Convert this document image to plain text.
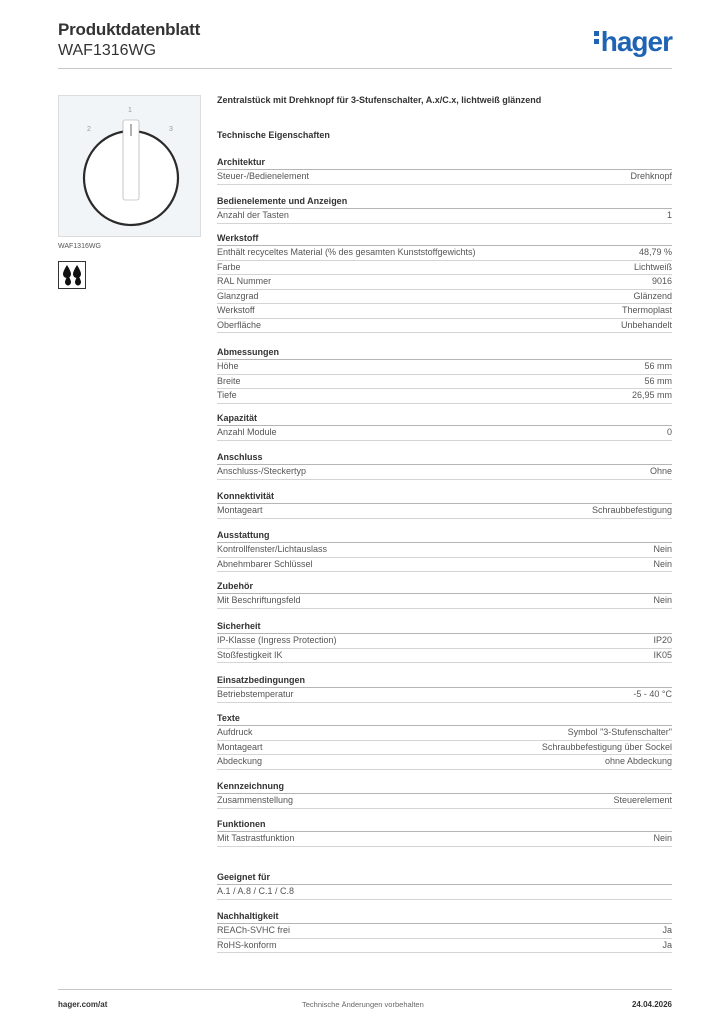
Produktdatenblatt
WAF1316WG	hager
1
2	3
WAF1316WG
Zentralstück mit Drehknopf für 3-Stufenschalter, A.x/C.x, lichtweiß glänzend
Technische Eigenschaften
Architektur
Steuer-/Bedienelement	Drehknopf
Bedienelemente und Anzeigen
Anzahl der Tasten	1
Werkstoff
Enthält recyceltes Material (% des gesamten Kunststoffgewichts)	48,79 %
Farbe	Lichtweiß
RAL Nummer	9016
Glanzgrad	Glänzend
Werkstoff	Thermoplast
Oberfläche	Unbehandelt
Abmessungen
Höhe	56 mm
Breite	56 mm
Tiefe	26,95 mm
Kapazität
Anzahl Module	0
Anschluss
Anschluss-/Steckertyp	Ohne
Konnektivität
Montageart	Schraubbefestigung
Ausstattung
Kontrollfenster/Lichtauslass	Nein
Abnehmbarer Schlüssel	Nein
Zubehör
Mit Beschriftungsfeld	Nein
Sicherheit
IP-Klasse (Ingress Protection)	IP20
Stoßfestigkeit IK	IK05
Einsatzbedingungen
Betriebstemperatur	-5 - 40 °C
Texte
Aufdruck	Symbol "3-Stufenschalter"
Montageart	Schraubbefestigung über Sockel
Abdeckung	ohne Abdeckung
Kennzeichnung
Zusammenstellung	Steuerelement
Funktionen
Mit Tastrastfunktion	Nein
Geeignet für
A.1 / A.8 / C.1 / C.8
Nachhaltigkeit
REACh-SVHC frei	Ja
RoHS-konform	Ja
hager.com/at	Technische Änderungen vorbehalten	24.04.2026
